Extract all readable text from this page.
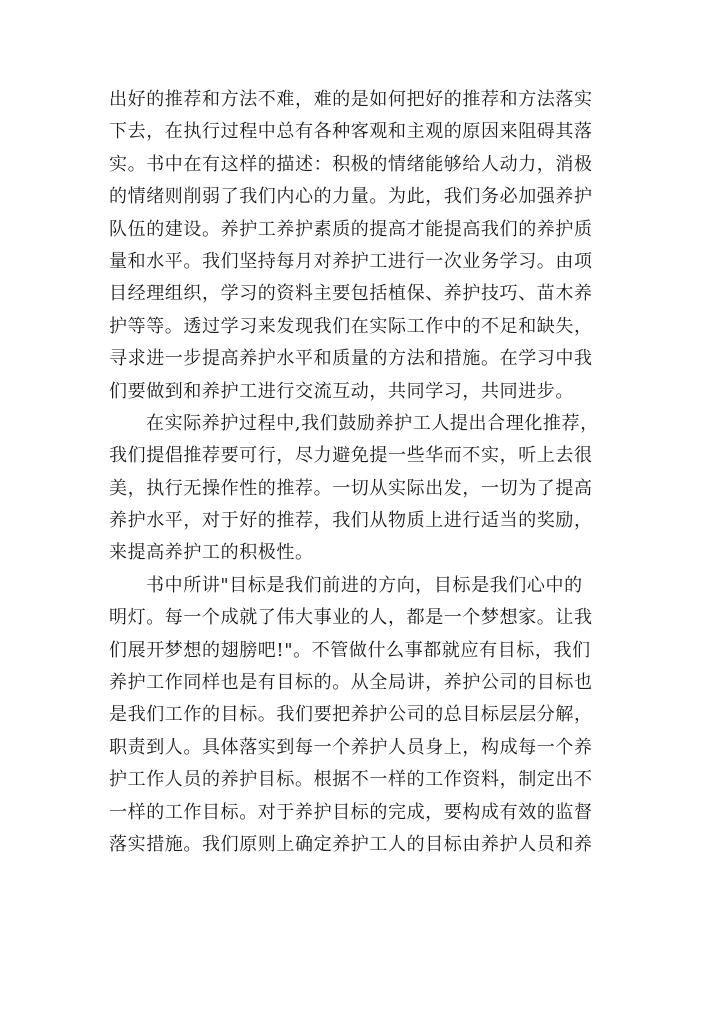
出好的推荐和方法不难，难的是如何把好的推荐和方法落实
下去，在执行过程中总有各种客观和主观的原因来阻碍其落
实。书中在有这样的描述：积极的情绪能够给人动力，消极
的情绪则削弱了我们内心的力量。为此，我们务必加强养护
队伍的建设。养护工养护素质的提高才能提高我们的养护质
量和水平。我们坚持每月对养护工进行一次业务学习。由项
目经理组织，学习的资料主要包括植保、养护技巧、苗木养
护等等。透过学习来发现我们在实际工作中的不足和缺失，
寻求进一步提高养护水平和质量的方法和措施。在学习中我
们要做到和养护工进行交流互动，共同学习，共同进步。
在实际养护过程中,我们鼓励养护工人提出合理化推荐，
我们提倡推荐要可行，尽力避免提一些华而不实，听上去很
美，执行无操作性的推荐。一切从实际出发，一切为了提高
养护水平，对于好的推荐，我们从物质上进行适当的奖励，
来提高养护工的积极性。
书中所讲"目标是我们前进的方向，目标是我们心中的
明灯。每一个成就了伟大事业的人，都是一个梦想家。让我
们展开梦想的翅膀吧!"。不管做什么事都就应有目标，我们
养护工作同样也是有目标的。从全局讲，养护公司的目标也
是我们工作的目标。我们要把养护公司的总目标层层分解，
职责到人。具体落实到每一个养护人员身上，构成每一个养
护工作人员的养护目标。根据不一样的工作资料，制定出不
一样的工作目标。对于养护目标的完成，要构成有效的监督
落实措施。我们原则上确定养护工人的目标由养护人员和养
